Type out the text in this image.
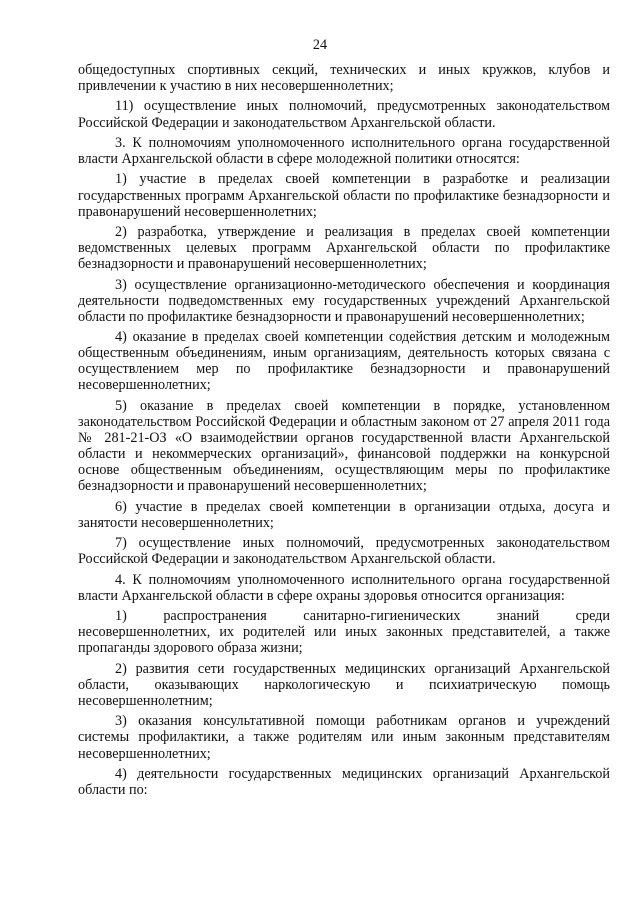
24

общедоступных спортивных секций, технических и иных кружков, клубов и привлечении к участию в них несовершеннолетних;

11) осуществление иных полномочий, предусмотренных законодательством Российской Федерации и законодательством Архангельской области.

3. К полномочиям уполномоченного исполнительного органа государственной власти Архангельской области в сфере молодежной политики относятся:

1) участие в пределах своей компетенции в разработке и реализации государственных программ Архангельской области по профилактике безнадзорности и правонарушений несовершеннолетних;

2) разработка, утверждение и реализация в пределах своей компетенции ведомственных целевых программ Архангельской области по профилактике безнадзорности и правонарушений несовершеннолетних;

3) осуществление организационно-методического обеспечения и координация деятельности подведомственных ему государственных учреждений Архангельской области по профилактике безнадзорности и правонарушений несовершеннолетних;

4) оказание в пределах своей компетенции содействия детским и молодежным общественным объединениям, иным организациям, деятельность которых связана с осуществлением мер по профилактике безнадзорности и правонарушений несовершеннолетних;

5) оказание в пределах своей компетенции в порядке, установленном законодательством Российской Федерации и областным законом от 27 апреля 2011 года № 281-21-ОЗ «О взаимодействии органов государственной власти Архангельской области и некоммерческих организаций», финансовой поддержки на конкурсной основе общественным объединениям, осуществляющим меры по профилактике безнадзорности и правонарушений несовершеннолетних;

6) участие в пределах своей компетенции в организации отдыха, досуга и занятости несовершеннолетних;

7) осуществление иных полномочий, предусмотренных законодательством Российской Федерации и законодательством Архангельской области.

4. К полномочиям уполномоченного исполнительного органа государственной власти Архангельской области в сфере охраны здоровья относится организация:

1) распространения санитарно-гигиенических знаний среди несовершеннолетних, их родителей или иных законных представителей, а также пропаганды здорового образа жизни;

2) развития сети государственных медицинских организаций Архангельской области, оказывающих наркологическую и психиатрическую помощь несовершеннолетним;

3) оказания консультативной помощи работникам органов и учреждений системы профилактики, а также родителям или иным законным представителям несовершеннолетних;

4) деятельности государственных медицинских организаций Архангельской области по:
